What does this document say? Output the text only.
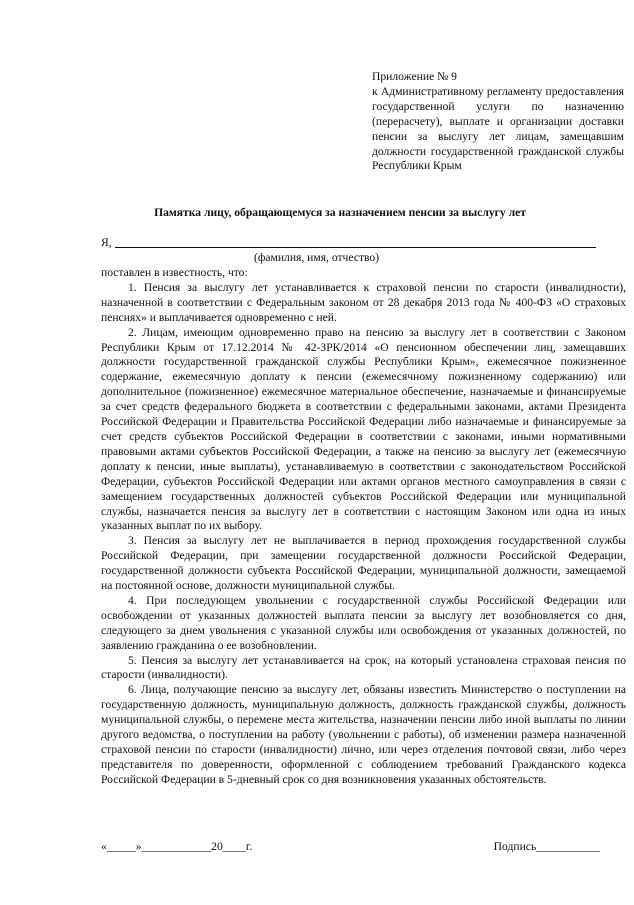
Приложение № 9
к Административному регламенту предоставления государственной услуги по назначению (перерасчету), выплате и организации доставки пенсии за выслугу лет лицам, замещавшим должности государственной гражданской службы Республики Крым
Памятка лицу, обращающемуся за назначением пенсии за выслугу лет
Я,
(фамилия, имя, отчество)

поставлен в известность, что:

1. Пенсия за выслугу лет устанавливается к страховой пенсии по старости (инвалидности), назначенной в соответствии с Федеральным законом от 28 декабря 2013 года № 400-ФЗ «О страховых пенсиях» и выплачивается одновременно с ней.

2. Лицам, имеющим одновременно право на пенсию за выслугу лет в соответствии с Законом Республики Крым от 17.12.2014 № 42-ЗРК/2014 «О пенсионном обеспечении лиц, замещавших должности государственной гражданской службы Республики Крым», ежемесячное пожизненное содержание, ежемесячную доплату к пенсии (ежемесячному пожизненному содержанию) или дополнительное (пожизненное) ежемесячное материальное обеспечение, назначаемые и финансируемые за счет средств федерального бюджета в соответствии с федеральными законами, актами Президента Российской Федерации и Правительства Российской Федерации либо назначаемые и финансируемые за счет средств субъектов Российской Федерации в соответствии с законами, иными нормативными правовыми актами субъектов Российской Федерации, а также на пенсию за выслугу лет (ежемесячную доплату к пенсии, иные выплаты), устанавливаемую в соответствии с законодательством Российской Федерации, субъектов Российской Федерации или актами органов местного самоуправления в связи с замещением государственных должностей субъектов Российской Федерации или муниципальной службы, назначается пенсия за выслугу лет в соответствии с настоящим Законом или одна из иных указанных выплат по их выбору.

3. Пенсия за выслугу лет не выплачивается в период прохождения государственной службы Российской Федерации, при замещении государственной должности Российской Федерации, государственной должности субъекта Российской Федерации, муниципальной должности, замещаемой на постоянной основе, должности муниципальной службы.

4. При последующем увольнении с государственной службы Российской Федерации или освобождении от указанных должностей выплата пенсии за выслугу лет возобновляется со дня, следующего за днем увольнения с указанной службы или освобождения от указанных должностей, по заявлению гражданина о ее возобновлении.

5. Пенсия за выслугу лет устанавливается на срок, на который установлена страховая пенсия по старости (инвалидности).

6. Лица, получающие пенсию за выслугу лет, обязаны известить Министерство о поступлении на государственную должность, муниципальную должность, должность гражданской службы, должность муниципальной службы, о перемене места жительства, назначении пенсии либо иной выплаты по линии другого ведомства, о поступлении на работу (увольнении с работы), об изменении размера назначенной страховой пенсии по старости (инвалидности) лично, или через отделения почтовой связи, либо через представителя по доверенности, оформленной с соблюдением требований Гражданского кодекса Российской Федерации в 5-дневный срок со дня возникновения указанных обстоятельств.

«_____»____________20____г.	Подпись___________
